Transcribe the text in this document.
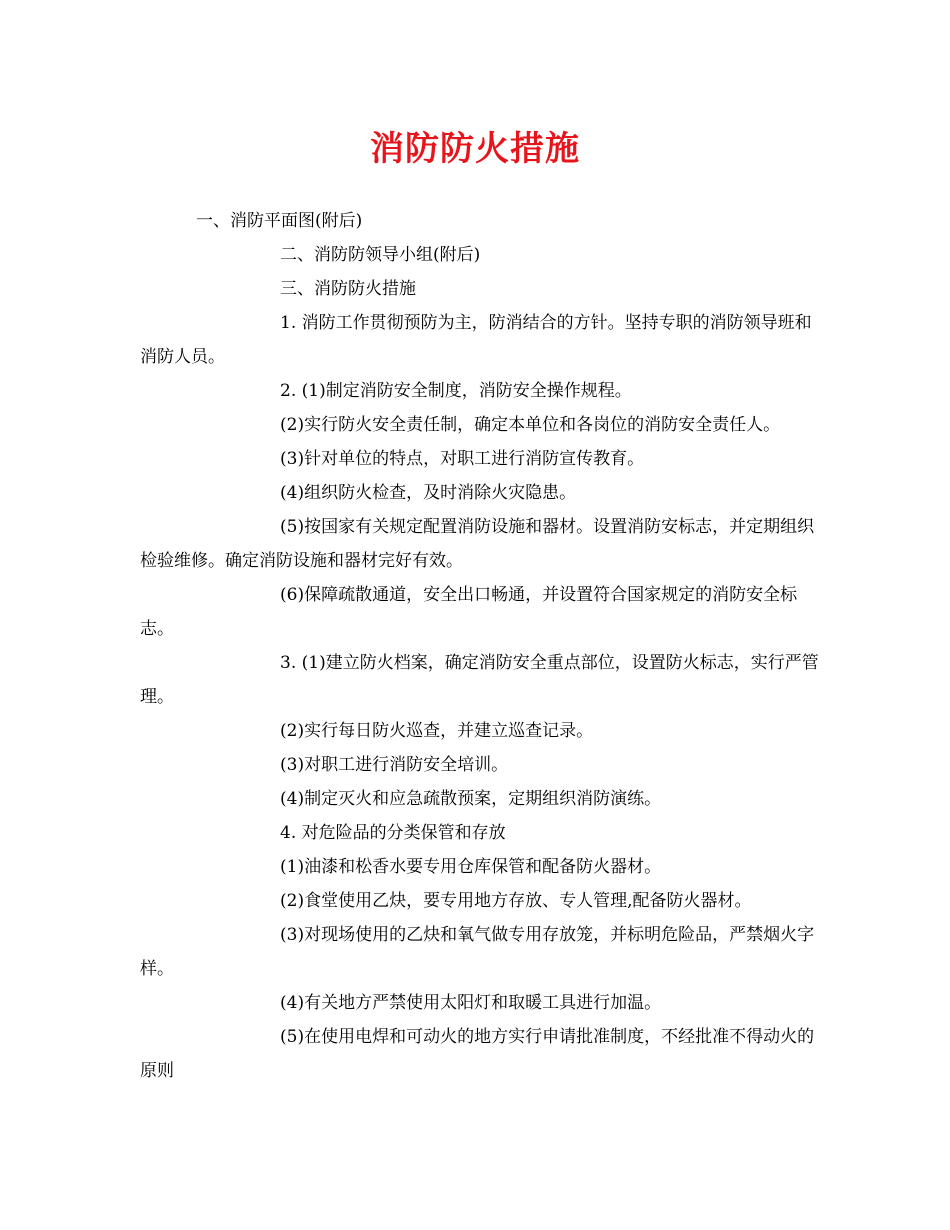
消防防火措施

一、消防平面图(附后)

二、消防防领导小组(附后)

三、消防防火措施

1. 消防工作贯彻预防为主，防消结合的方针。坚持专职的消防领导班和消防人员。

2. (1)制定消防安全制度，消防安全操作规程。

(2)实行防火安全责任制，确定本单位和各岗位的消防安全责任人。

(3)针对单位的特点，对职工进行消防宣传教育。

(4)组织防火检查，及时消除火灾隐患。

(5)按国家有关规定配置消防设施和器材。设置消防安标志，并定期组织检验维修。确定消防设施和器材完好有效。

(6)保障疏散通道，安全出口畅通，并设置符合国家规定的消防安全标志。

3. (1)建立防火档案，确定消防安全重点部位，设置防火标志，实行严管理。

(2)实行每日防火巡查，并建立巡查记录。

(3)对职工进行消防安全培训。

(4)制定灭火和应急疏散预案，定期组织消防演练。

4. 对危险品的分类保管和存放

(1)油漆和松香水要专用仓库保管和配备防火器材。

(2)食堂使用乙炔，要专用地方存放、专人管理,配备防火器材。

(3)对现场使用的乙炔和氧气做专用存放笼，并标明危险品，严禁烟火字样。

(4)有关地方严禁使用太阳灯和取暖工具进行加温。

(5)在使用电焊和可动火的地方实行申请批准制度，不经批准不得动火的原则
